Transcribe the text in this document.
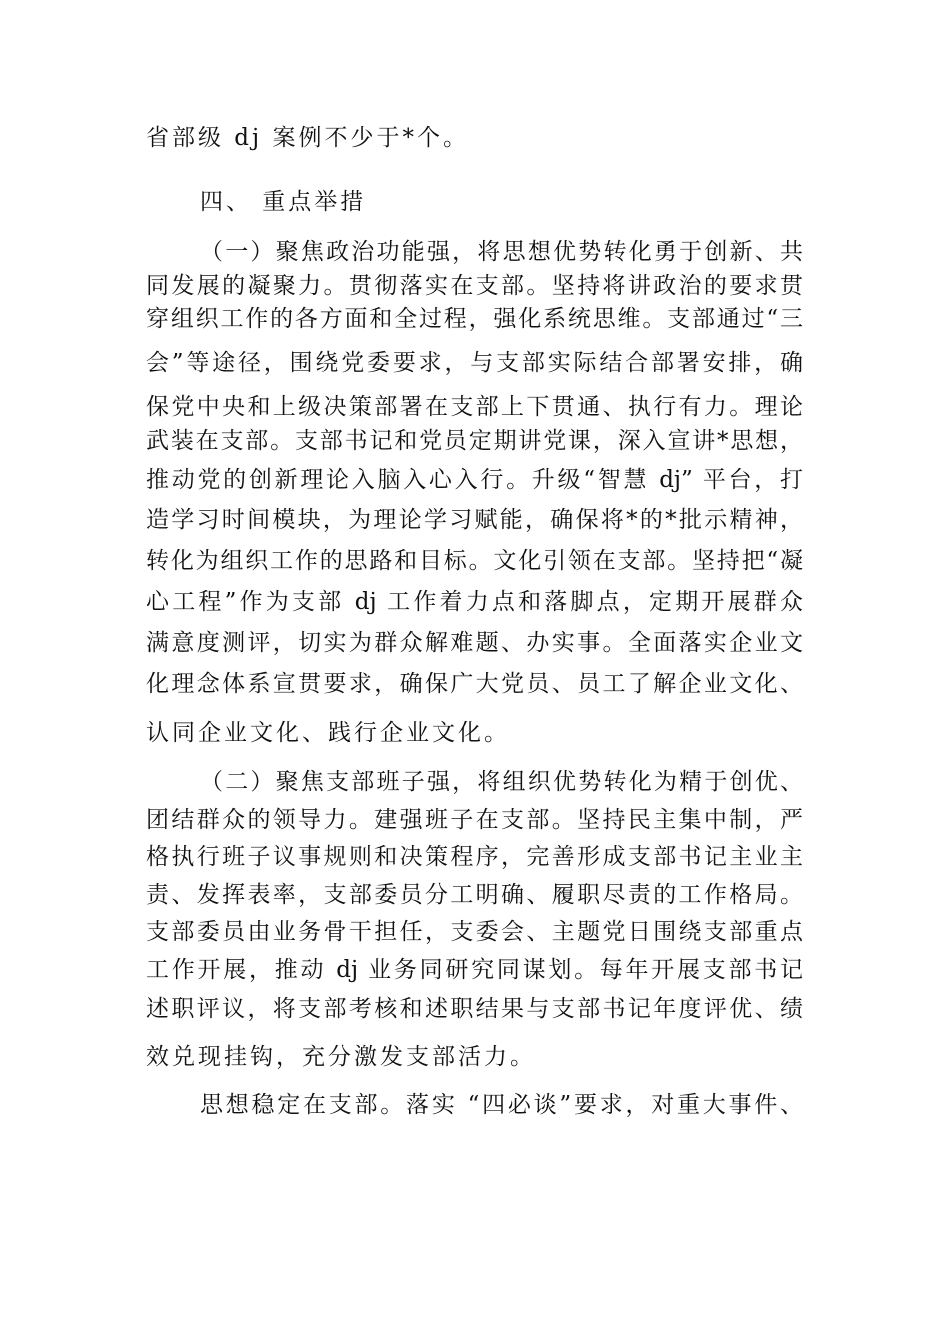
省部级 dj 案例不少于*个。
四、 重点举措
（一）聚焦政治功能强，将思想优势转化勇于创新、共
同发展的凝聚力。贯彻落实在支部。坚持将讲政治的要求贯
穿组织工作的各方面和全过程，强化系统思维。支部通过“三
会”等途径，围绕党委要求，与支部实际结合部署安排，确
保党中央和上级决策部署在支部上下贯通、执行有力。理论
武装在支部。支部书记和党员定期讲党课，深入宣讲*思想，
推动党的创新理论入脑入心入行。升级“智慧 dj” 平台，打
造学习时间模块，为理论学习赋能，确保将*的*批示精神，
转化为组织工作的思路和目标。文化引领在支部。坚持把“凝
心工程”作为支部 dj 工作着力点和落脚点，定期开展群众
满意度测评，切实为群众解难题、办实事。全面落实企业文
化理念体系宣贯要求，确保广大党员、员工了解企业文化、
认同企业文化、践行企业文化。
（二）聚焦支部班子强，将组织优势转化为精于创优、
团结群众的领导力。建强班子在支部。坚持民主集中制，严
格执行班子议事规则和决策程序，完善形成支部书记主业主
责、发挥表率，支部委员分工明确、履职尽责的工作格局。
支部委员由业务骨干担任，支委会、主题党日围绕支部重点
工作开展，推动 dj 业务同研究同谋划。每年开展支部书记
述职评议，将支部考核和述职结果与支部书记年度评优、绩
效兑现挂钩，充分激发支部活力。
思想稳定在支部。落实 “四必谈”要求，对重大事件、
